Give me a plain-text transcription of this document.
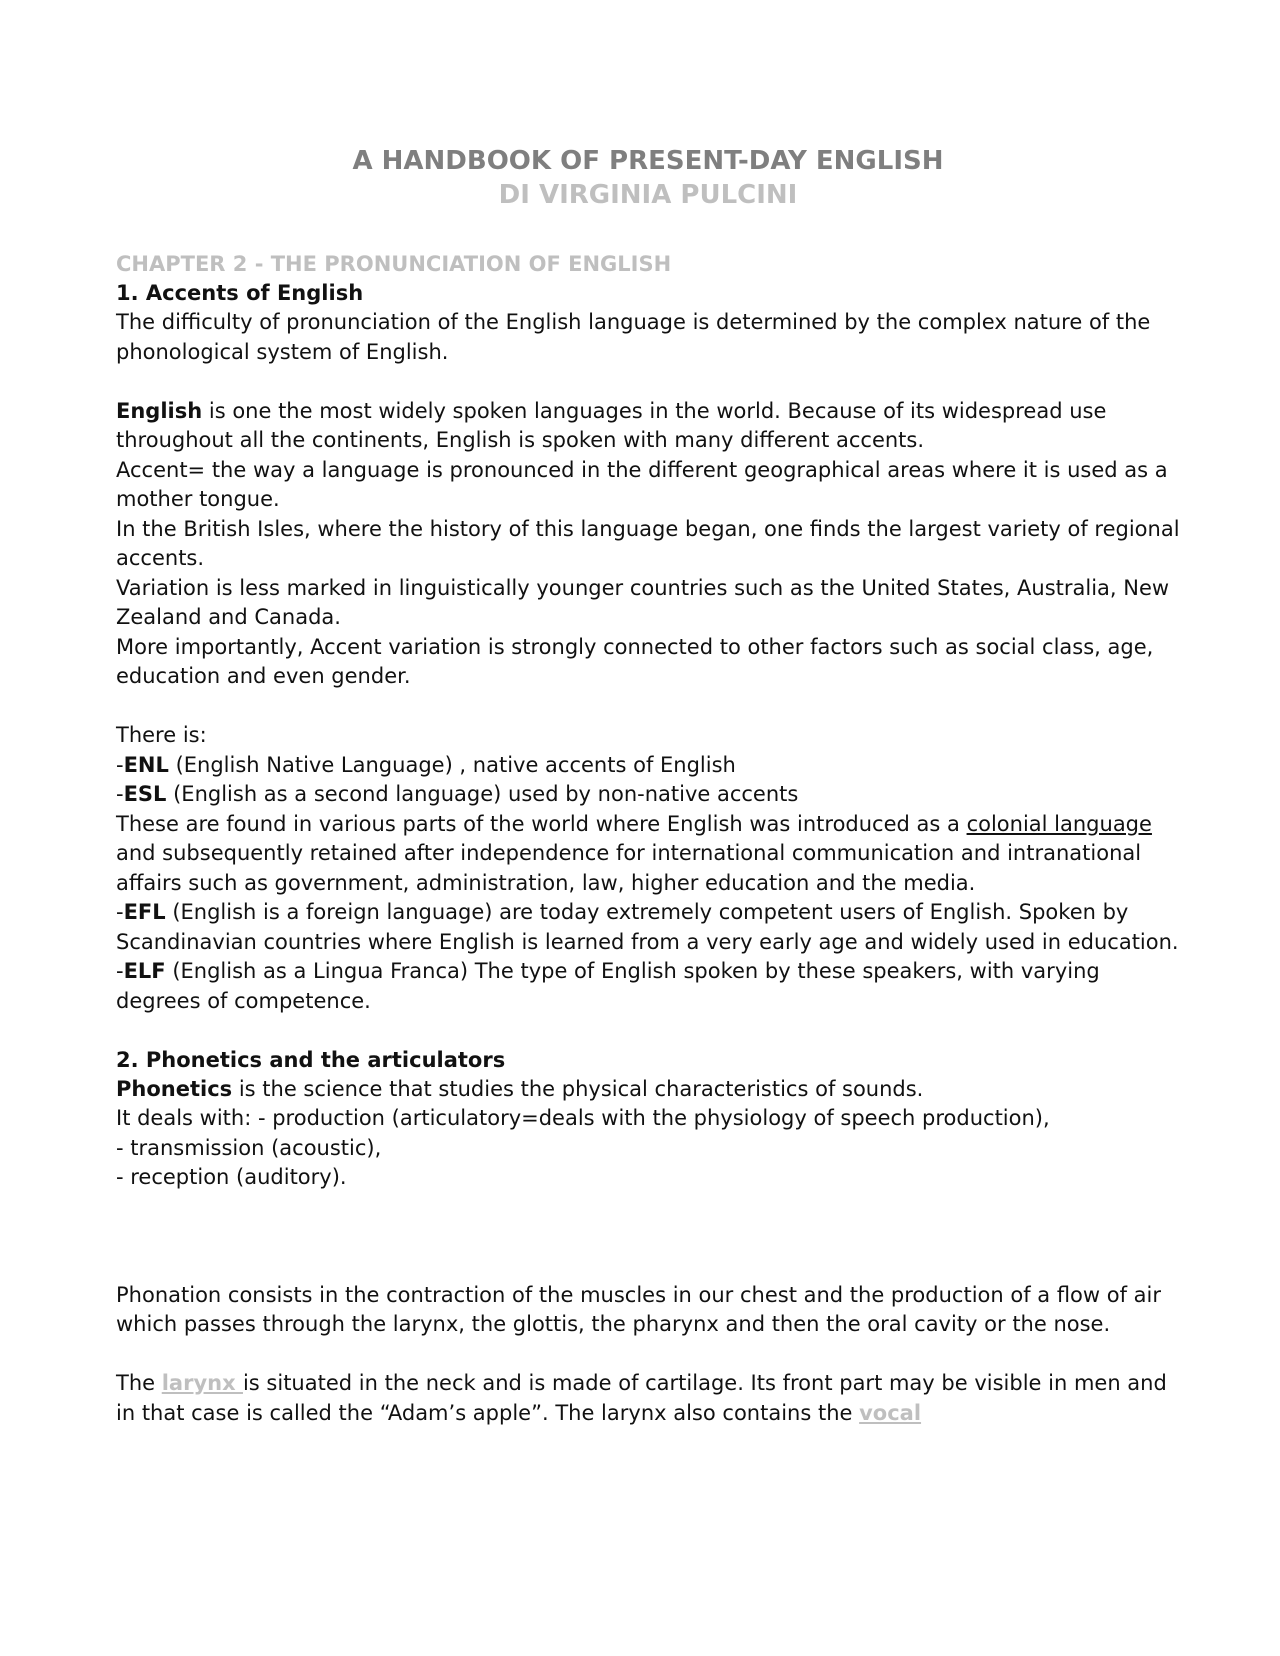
A HANDBOOK OF PRESENT-DAY ENGLISH
DI VIRGINIA PULCINI
CHAPTER 2 - THE PRONUNCIATION OF ENGLISH
1. Accents of English

The difficulty of pronunciation of the English language is determined by the complex nature of the phonological system of English.

English is one the most widely spoken languages in the world. Because of its widespread use throughout all the continents, English is spoken with many different accents.

Accent= the way a language is pronounced in the different geographical areas where it is used as a mother tongue.

In the British Isles, where the history of this language began, one finds the largest variety of regional accents.

Variation is less marked in linguistically younger countries such as the United States, Australia, New Zealand and Canada.

More importantly, Accent variation is strongly connected to other factors such as social class, age, education and even gender.

There is:

-ENL (English Native Language) , native accents of English

-ESL (English as a second language) used by non-native accents

These are found in various parts of the world where English was introduced as a colonial language and subsequently retained after independence for international communication and intranational affairs such as government, administration, law, higher education and the media.

-EFL (English is a foreign language) are today extremely competent users of English. Spoken by Scandinavian countries where English is learned from a very early age and widely used in education.

-ELF (English as a Lingua Franca) The type of English spoken by these speakers, with varying degrees of competence.

2. Phonetics and the articulators

Phonetics is the science that studies the physical characteristics of sounds.

It deals with: - production (articulatory=deals with the physiology of speech production),

- transmission (acoustic),

- reception (auditory).

Phonation consists in the contraction of the muscles in our chest and the production of a flow of air which passes through the larynx, the glottis, the pharynx and then the oral cavity or the nose.

The larynx is situated in the neck and is made of cartilage. Its front part may be visible in men and in that case is called the “Adam’s apple”. The larynx also contains the vocal
